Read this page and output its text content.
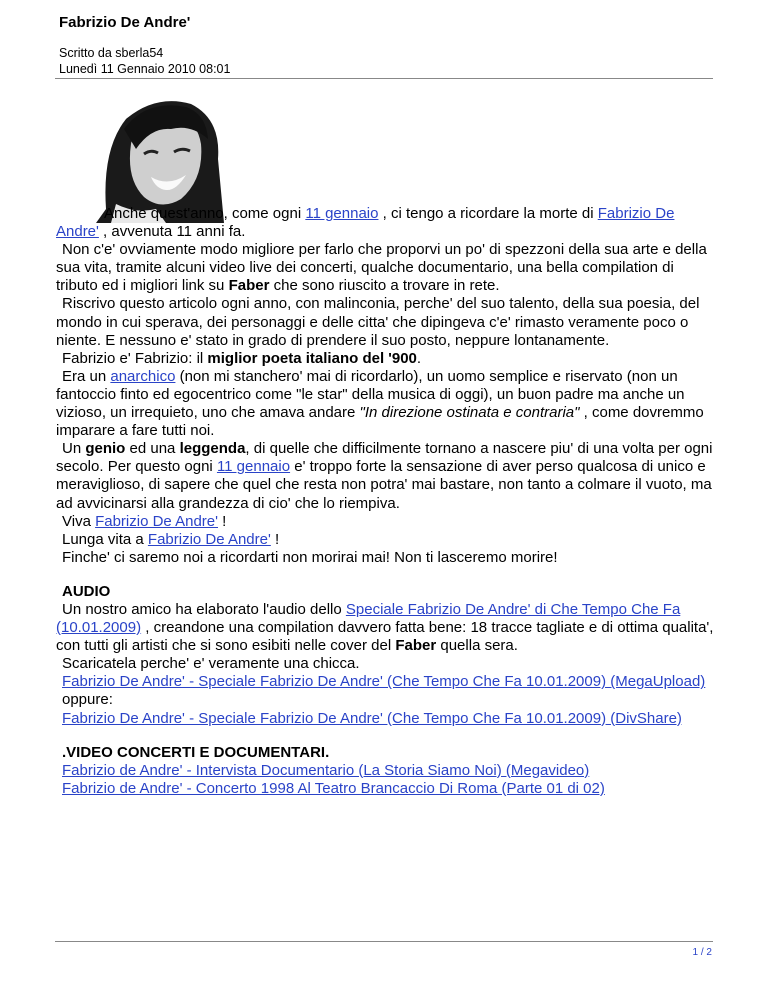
Fabrizio De Andre'
Scritto da sberla54
Lunedì 11 Gennaio 2010 08:01

Anche quest'anno, come ogni 11 gennaio , ci tengo a ricordare la morte di Fabrizio De Andre' , avvenuta 11 anni fa.

Non c'e' ovviamente modo migliore per farlo che proporvi un po' di spezzoni della sua arte e della sua vita, tramite alcuni video live dei concerti, qualche documentario, una bella compilation di tributo ed i migliori link su Faber che sono riuscito a trovare in rete.

Riscrivo questo articolo ogni anno, con malinconia, perche' del suo talento, della sua poesia, del mondo in cui sperava, dei personaggi e delle citta' che dipingeva c'e' rimasto veramente poco o niente. E nessuno e' stato in grado di prendere il suo posto, neppure lontanamente.

Fabrizio e' Fabrizio: il miglior poeta italiano del '900.

Era un anarchico (non mi stanchero' mai di ricordarlo), un uomo semplice e riservato (non un fantoccio finto ed egocentrico come "le star" della musica di oggi), un buon padre ma anche un vizioso, un irrequieto, uno che amava andare "In direzione ostinata e contraria" , come dovremmo imparare a fare tutti noi.

Un genio ed una leggenda, di quelle che difficilmente tornano a nascere piu' di una volta per ogni secolo. Per questo ogni 11 gennaio e' troppo forte la sensazione di aver perso qualcosa di unico e meraviglioso, di sapere che quel che resta non potra' mai bastare, non tanto a colmare il vuoto, ma ad avvicinarsi alla grandezza di cio' che lo riempiva.

Viva Fabrizio De Andre' !

Lunga vita a Fabrizio De Andre' !

Finche' ci saremo noi a ricordarti non morirai mai! Non ti lasceremo morire!

AUDIO

Un nostro amico ha elaborato l'audio dello Speciale Fabrizio De Andre' di Che Tempo Che Fa (10.01.2009) , creandone una compilation davvero fatta bene: 18 tracce tagliate e di ottima qualita', con tutti gli artisti che si sono esibiti nelle cover del Faber quella sera.

Scaricatela perche' e' veramente una chicca.

Fabrizio De Andre' - Speciale Fabrizio De Andre' (Che Tempo Che Fa 10.01.2009) (MegaUpload)

oppure:

Fabrizio De Andre' - Speciale Fabrizio De Andre' (Che Tempo Che Fa 10.01.2009) (DivShare)

.VIDEO CONCERTI E DOCUMENTARI.

Fabrizio de Andre' - Intervista Documentario (La Storia Siamo Noi) (Megavideo)

Fabrizio de Andre' - Concerto 1998 Al Teatro Brancaccio Di Roma (Parte 01 di 02)

1 / 2
